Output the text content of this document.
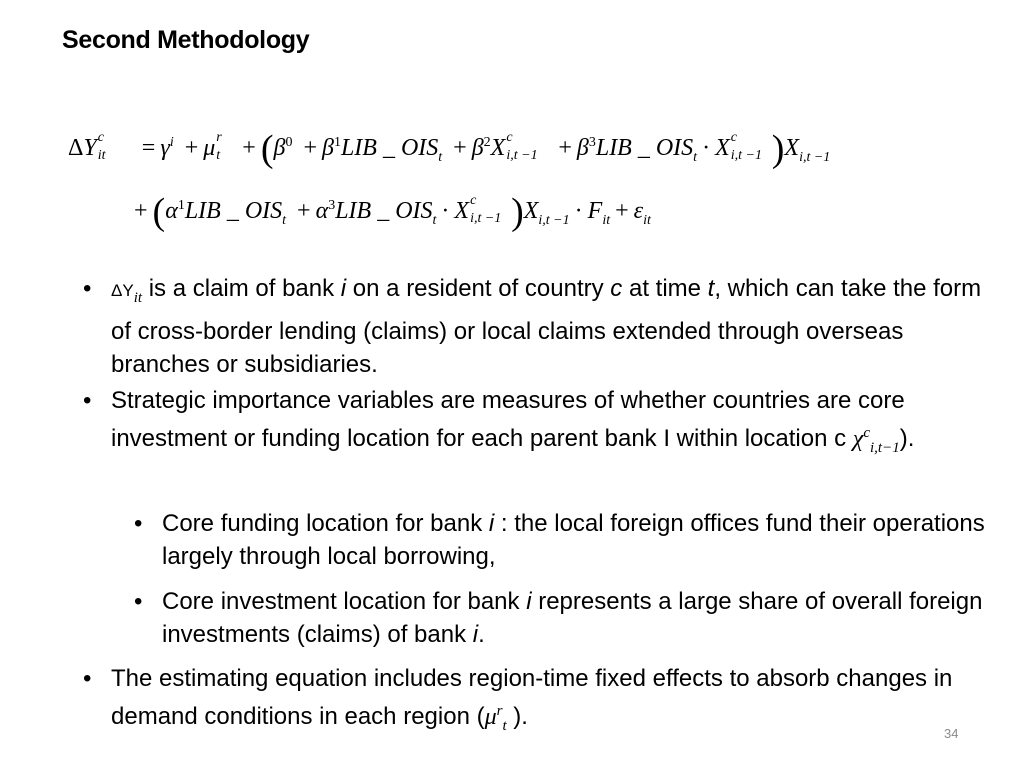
Second Methodology
ΔY c
it = $\gamma^i + \mu$ r
$t + (\beta^0 + \beta^1LIB$ _ $OIS_t + \beta^2X$ c
$i,t -1 + \beta^3LIB$ _ $OIS_t \cdot X$ c
i,t −1 )$X_{i,t -1}$
+ ($\alpha^1LIB$ _ $OIS_t + \alpha^3LIB$ _ $OIS_t \cdot X$ c
i,t −1 )$X_{i,t -1} \cdot F_{it} + \varepsilon_{it}$
• $\Delta Y_{it}$ is a claim of bank i on a resident of country c at time t, which can take the form of cross-border lending (claims) or local claims extended through overseas branches or subsidiaries.
• Strategic importance variables are measures of whether countries are core investment or funding location for each parent bank I within location c $\chi^c_{i,t-1}$).
• Core funding location for bank i : the local foreign offices fund their operations largely through local borrowing,
• Core investment location for bank i represents a large share of overall foreign investments (claims) of bank i.
• The estimating equation includes region-time fixed effects to absorb changes in demand conditions in each region ($\mu^r_t$ ).
34
